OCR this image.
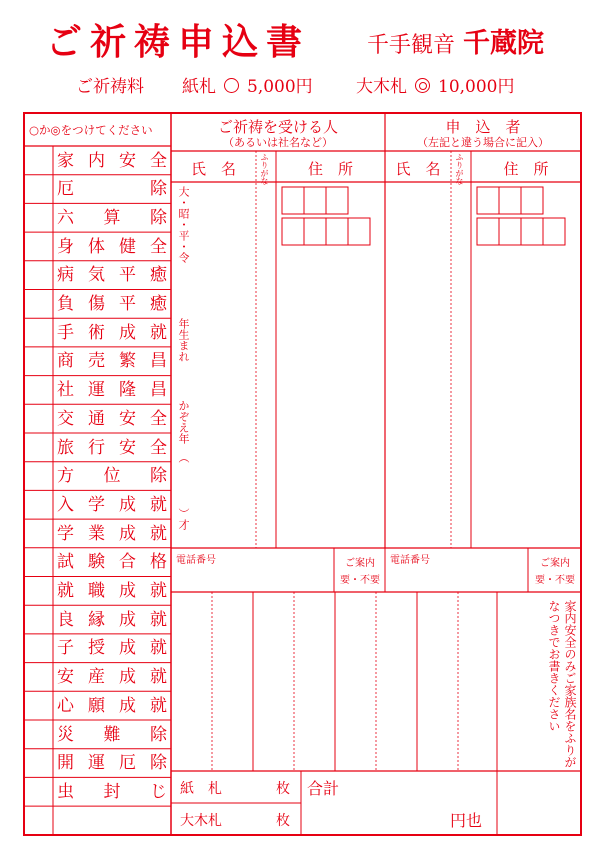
ご祈祷申込書	千手観音 千蔵院
ご祈祷料 紙札 5,000円	大木札 10,000円
○か◎をつけてください
家 内 安 全
厄	除
六 算 除
身 体 健 全
病 気 平 癒
負 傷 平 癒
手 術 成 就
商 売 繁 昌
社 運 隆 昌
交 通 安 全
旅 行 安 全
方 位 除
入 学 成 就
学 業 成 就
試 験 合 格
就 職 成 就
良 縁 成 就
子 授 成 就
安 産 成 就
心 願 成 就
災 難 除
開 運 厄 除
虫 封 じ
ご祈祷を受ける人
（あるいは社名など）
氏　名	ふりがな	住　所
大・昭・平・令
年生まれ
かぞえ年
（
）才
申　込　者
（左記と違う場合に記入）
氏　名	ふりがな	住　所
電話番号	ご案内
要・不要
電話番号	ご案内
要・不要
家内安全のみご家族名をふりがなつきでお書きください
紙　札	枚
大木札	枚
合計
円也
